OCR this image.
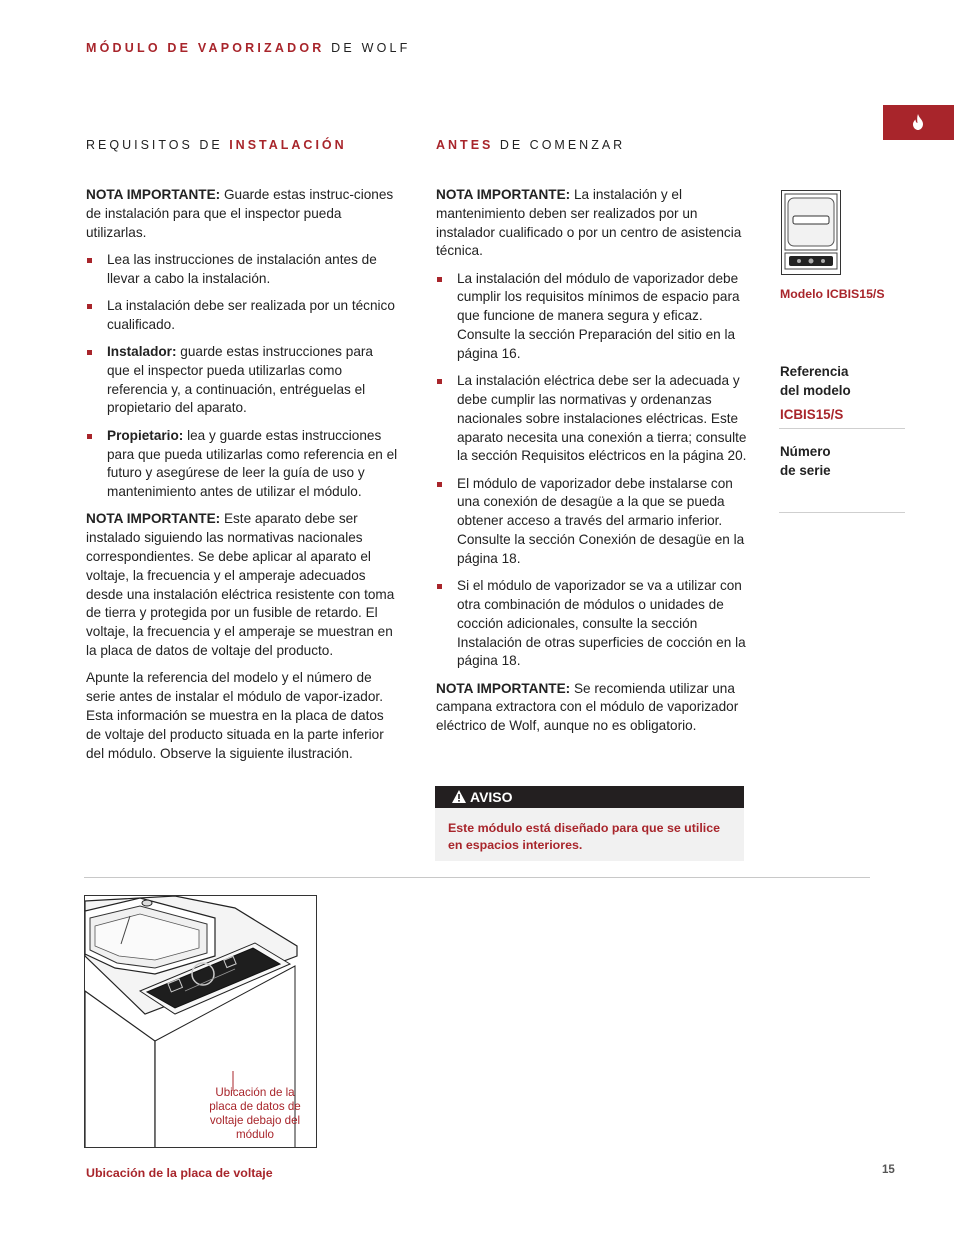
MÓDULO DE VAPORIZADOR DE WOLF
REQUISITOS DE INSTALACIÓN

NOTA IMPORTANTE: Guarde estas instruc-ciones de instalación para que el inspector pueda utilizarlas.

Lea las instrucciones de instalación antes de llevar a cabo la instalación.
La instalación debe ser realizada por un técnico cualificado.
Instalador: guarde estas instrucciones para que el inspector pueda utilizarlas como referencia y, a continuación, entréguelas el propietario del aparato.
Propietario: lea y guarde estas instrucciones para que pueda utilizarlas como referencia en el futuro y asegúrese de leer la guía de uso y mantenimiento antes de utilizar el módulo.

NOTA IMPORTANTE: Este aparato debe ser instalado siguiendo las normativas nacionales correspondientes. Se debe aplicar al aparato el voltaje, la frecuencia y el amperaje adecuados desde una instalación eléctrica resistente con toma de tierra y protegida por un fusible de retardo. El voltaje, la frecuencia y el amperaje se muestran en la placa de datos de voltaje del producto.

Apunte la referencia del modelo y el número de serie antes de instalar el módulo de vapor-izador. Esta información se muestra en la placa de datos de voltaje del producto situada en la parte inferior del módulo. Observe la siguiente ilustración.

ANTES DE COMENZAR

NOTA IMPORTANTE: La instalación y el mantenimiento deben ser realizados por un instalador cualificado o por un centro de asistencia técnica.

La instalación del módulo de vaporizador debe cumplir los requisitos mínimos de espacio para que funcione de manera segura y eficaz. Consulte la sección Preparación del sitio en la página 16.
La instalación eléctrica debe ser la adecuada y debe cumplir las normativas y ordenanzas nacionales sobre instalaciones eléctricas. Este aparato necesita una conexión a tierra; consulte la sección Requisitos eléctricos en la página 20.
El módulo de vaporizador debe instalarse con una conexión de desagüe a la que se pueda obtener acceso a través del armario inferior. Consulte la sección Conexión de desagüe en la página 18.
Si el módulo de vaporizador se va a utilizar con otra combinación de módulos o unidades de cocción adicionales, consulte la sección Instalación de otras superficies de cocción en la página 18.

NOTA IMPORTANTE: Se recomienda utilizar una campana extractora con el módulo de vaporizador eléctrico de Wolf, aunque no es obligatorio.

AVISO
Este módulo está diseñado para que se utilice en espacios interiores.
Modelo ICBIS15/S
Referencia
del modelo
ICBIS15/S
Número
de serie
Ubicación de la placa de datos de voltaje debajo del módulo
Ubicación de la placa de voltaje	15
